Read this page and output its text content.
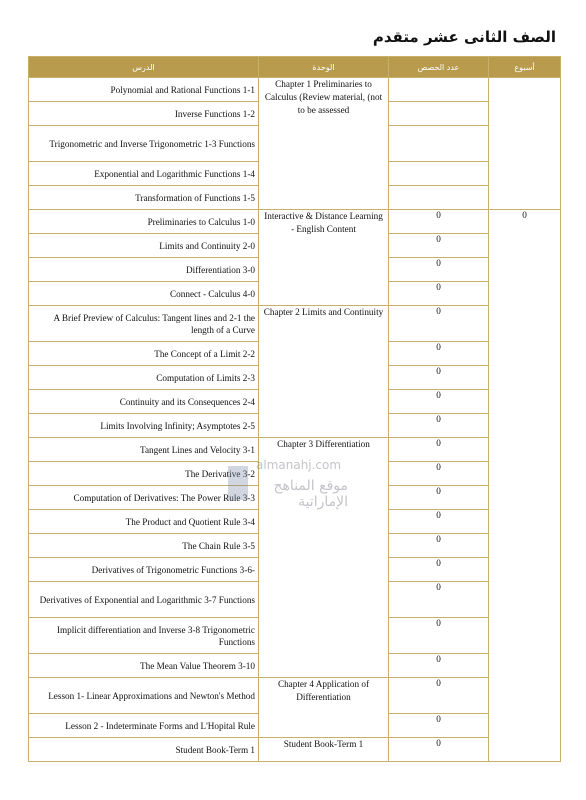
الصف الثانى عشر متقدم
الدرس	الوحدة	عدد الحصص	أسبوع
Polynomial and Rational Functions 1-1	Chapter 1 Preliminaries to Calculus (Review material, (not to be assessed		
Inverse Functions 1-2			
Trigonometric and Inverse Trigonometric 1-3 Functions			
Exponential and Logarithmic Functions 1-4			
Transformation of Functions 1-5			
Preliminaries to Calculus 1-0	Interactive & Distance Learning - English Content	0	0
Limits and Continuity 2-0		0	
Differentiation 3-0		0	
Connect - Calculus 4-0		0	
A Brief Preview of Calculus: Tangent lines and 2-1 the length of a Curve	Chapter 2 Limits and Continuity	0	
The Concept of a Limit 2-2		0	
Computation of Limits 2-3		0	
Continuity and its Consequences 2-4		0	
Limits Involving Infinity; Asymptotes 2-5		0	
Tangent Lines and Velocity 3-1	Chapter 3 Differentiation	0	
The Derivative 3-2		0	
Computation of Derivatives: The Power Rule 3-3		0	
The Product and Quotient Rule 3-4		0	
The Chain Rule 3-5		0	
Derivatives of Trigonometric Functions 3-6-		0	
Derivatives of Exponential and Logarithmic 3-7 Functions		0	
Implicit differentiation and Inverse 3-8 Trigonometric Functions		0	
The Mean Value Theorem 3-10		0	
Lesson 1- Linear Approximations and Newton's Method	Chapter 4 Application of Differentiation	0	
Lesson 2 - Indeterminate Forms and L'Hopital Rule		0	
Student Book-Term 1	Student Book-Term 1	0	
almanahj.com
موقع المناهج الإماراتية
